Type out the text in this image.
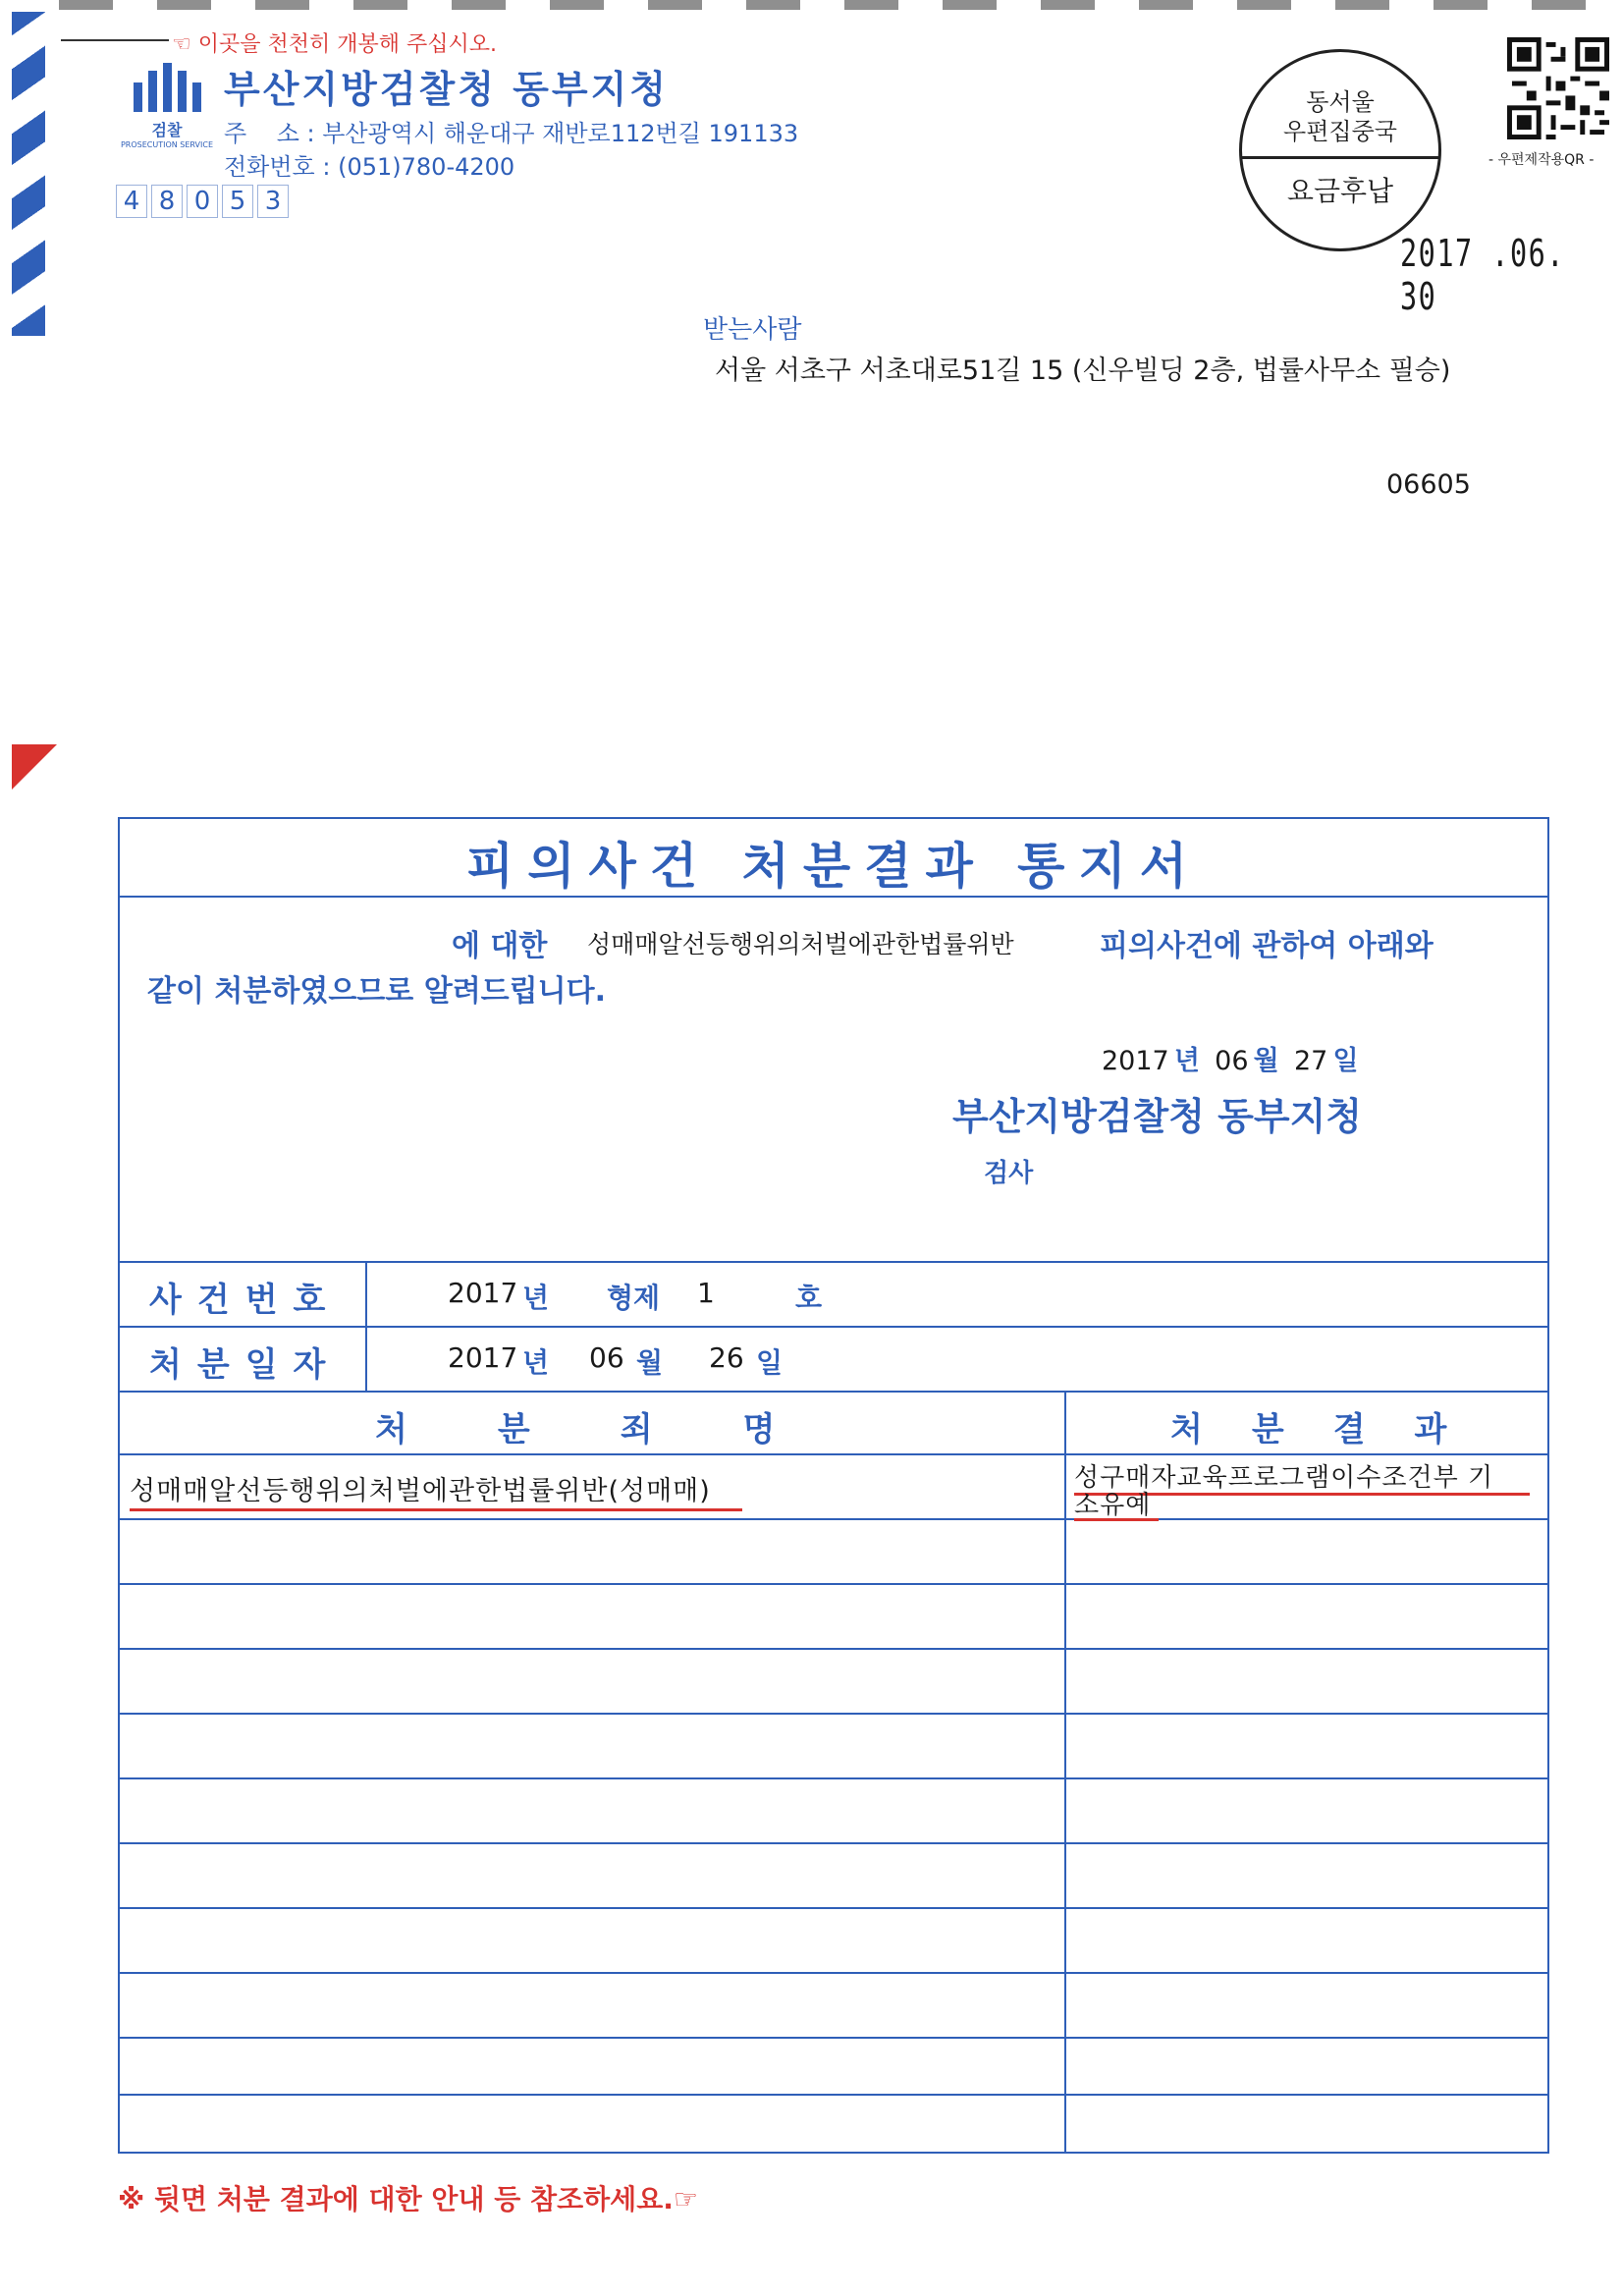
☜ 이곳을 천천히 개봉해 주십시오.
검찰
PROSECUTION SERVICE
부산지방검찰청 동부지청
주    소 : 부산광역시 해운대구 재반로112번길 191133
전화번호 : (051)780-4200
4 8 0 5 3
동서울
우편집중국
요금후납
- 우편제작용QR -
2017 .06. 30
받는사람
서울 서초구 서초대로51길 15 (신우빌딩 2층, 법률사무소 필승)
06605
피의사건 처분결과 통지서
에 대한 성매매알선등행위의처벌에관한법률위반	피의사건에 관하여 아래와
같이 처분하였으므로 알려드립니다.
2017 년 06 월 27 일
부산지방검찰청 동부지청
검사
사건번호	2017 년 형제 1	호
처분일자	2017 년 06 월 26 일
처분죄명	처분결과
성매매알선등행위의처벌에관한법률위반(성매매)	성구매자교육프로그램이수조건부 기
소유예
※ 뒷면 처분 결과에 대한 안내 등 참조하세요.☞
